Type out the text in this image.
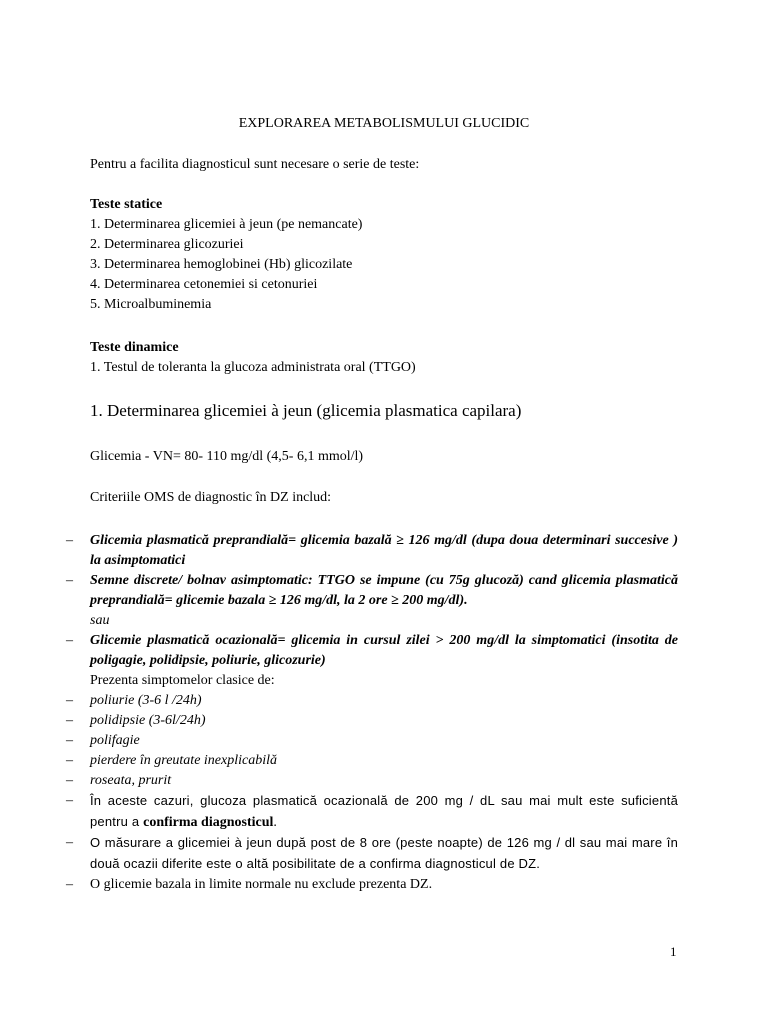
EXPLORAREA METABOLISMULUI GLUCIDIC
Pentru a facilita diagnosticul sunt necesare o serie de teste:
Teste statice
1. Determinarea glicemiei à jeun (pe nemancate)
2. Determinarea glicozuriei
3. Determinarea hemoglobinei (Hb) glicozilate
4. Determinarea cetonemiei si cetonuriei
5. Microalbuminemia
Teste dinamice
1. Testul de toleranta la glucoza administrata oral (TTGO)
1. Determinarea glicemiei à jeun (glicemia plasmatica capilara)
Glicemia - VN= 80- 110 mg/dl (4,5- 6,1 mmol/l)
Criteriile OMS de diagnostic în DZ includ:
– Glicemia plasmatică preprandială= glicemia bazală ≥ 126 mg/dl (dupa doua determinari succesive ) la asimptomatici
– Semne discrete/ bolnav asimptomatic: TTGO se impune (cu 75g glucoză) cand glicemia plasmatică preprandială= glicemie bazala ≥ 126 mg/dl, la 2 ore ≥ 200 mg/dl).
sau
– Glicemie plasmatică ocazională= glicemia in cursul zilei > 200 mg/dl la simptomatici (insotita de poligagie, polidipsie, poliurie, glicozurie)
Prezenta simptomelor clasice de:
– poliurie (3-6 l /24h)
– polidipsie (3-6l/24h)
– polifagie
– pierdere în greutate inexplicabilă
– roseata, prurit
– În aceste cazuri, glucoza plasmatică ocazională de 200 mg / dL sau mai mult este suficientă pentru a confirma diagnosticul.
– O măsurare a glicemiei à jeun după post de 8 ore (peste noapte) de 126 mg / dl sau mai mare în două ocazii diferite este o altă posibilitate de a confirma diagnosticul de DZ.
– O glicemie bazala in limite normale nu exclude prezenta DZ.
1
